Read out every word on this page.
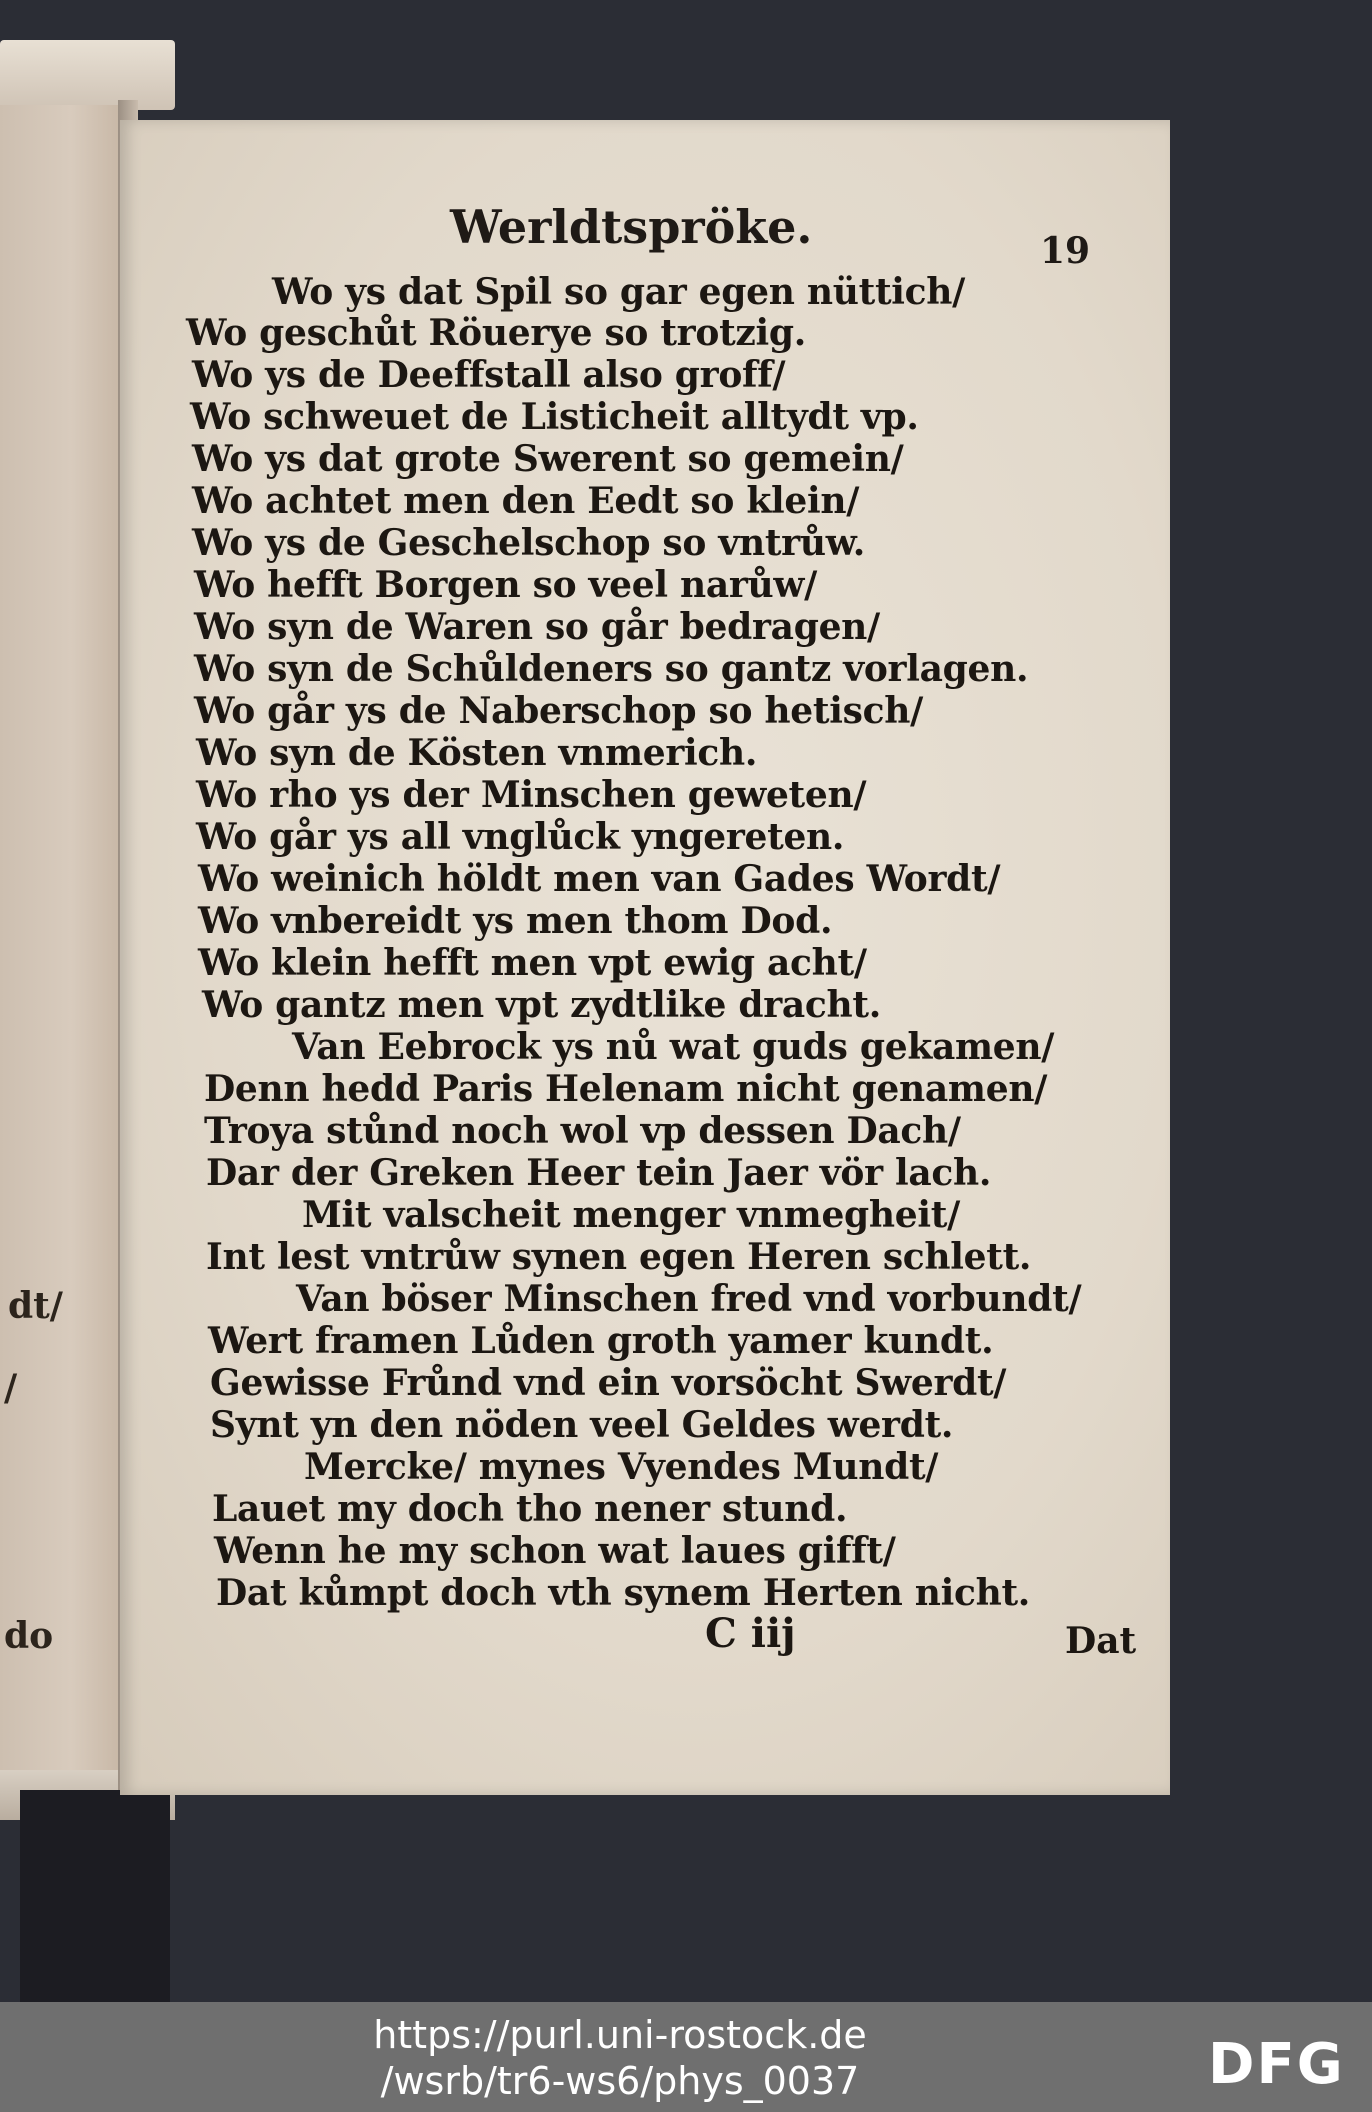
dt/
/
do
Werldtspröke.	19
Wo ys dat Spil so gar egen nüttich/
Wo geschůt Röuerye so trotzig.
Wo ys de Deeffstall also groff/
Wo schweuet de Listicheit alltydt vp.
Wo ys dat grote Swerent so gemein/
Wo achtet men den Eedt so klein/
Wo ys de Geschelschop so vntrůw.
Wo hefft Borgen so veel narůw/
Wo syn de Waren so går bedragen/
Wo syn de Schůldeners so gantz vorlagen.
Wo går ys de Naberschop so hetisch/
Wo syn de Kösten vnmerich.
Wo rho ys der Minschen geweten/
Wo går ys all vnglůck yngereten.
Wo weinich höldt men van Gades Wordt/
Wo vnbereidt ys men thom Dod.
Wo klein hefft men vpt ewig acht/
Wo gantz men vpt zydtlike dracht.
Van Eebrock ys nů wat guds gekamen/
Denn hedd Paris Helenam nicht genamen/
Troya stůnd noch wol vp dessen Dach/
Dar der Greken Heer tein Jaer vör lach.
Mit valscheit menger vnmegheit/
Int lest vntrůw synen egen Heren schlett.
Van böser Minschen fred vnd vorbundt/
Wert framen Lůden groth yamer kundt.
Gewisse Frůnd vnd ein vorsöcht Swerdt/
Synt yn den nöden veel Geldes werdt.
Mercke/ mynes Vyendes Mundt/
Lauet my doch tho nener stund.
Wenn he my schon wat laues gifft/
Dat kůmpt doch vth synem Herten nicht.
C iij	Dat
https://purl.uni-rostock.de
/wsrb/tr6-ws6/phys_0037	DFG
